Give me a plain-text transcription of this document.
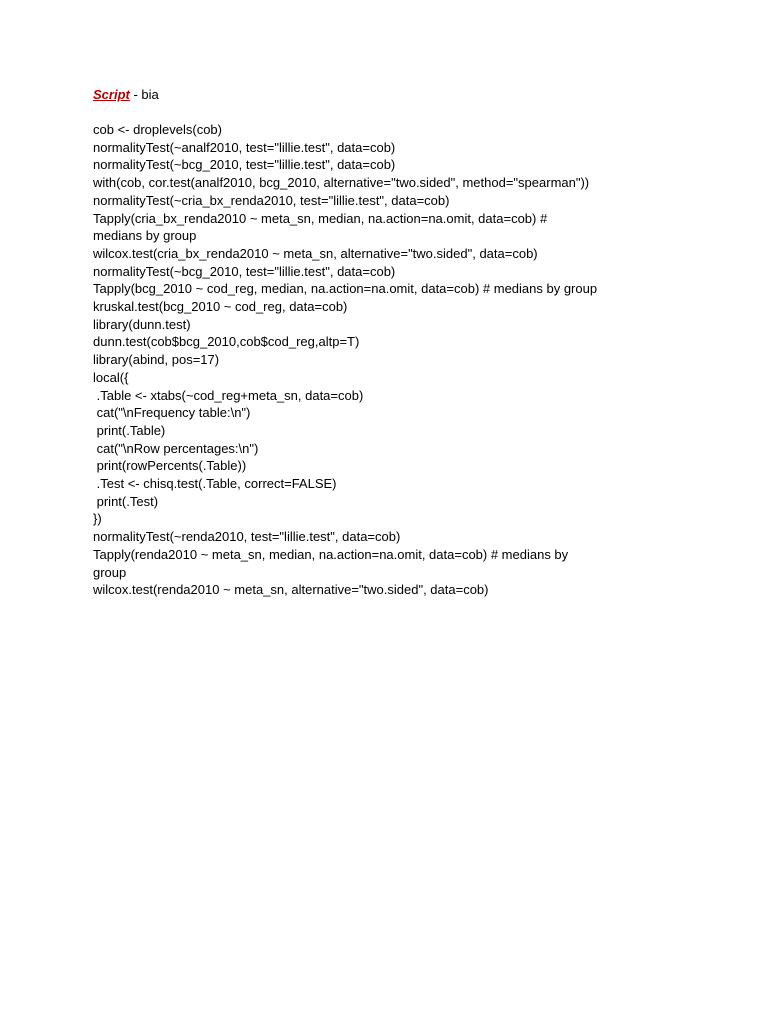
Script - bia
cob <- droplevels(cob)
normalityTest(~analf2010, test="lillie.test", data=cob)
normalityTest(~bcg_2010, test="lillie.test", data=cob)
with(cob, cor.test(analf2010, bcg_2010, alternative="two.sided", method="spearman"))
normalityTest(~cria_bx_renda2010, test="lillie.test", data=cob)
Tapply(cria_bx_renda2010 ~ meta_sn, median, na.action=na.omit, data=cob) #
medians by group
wilcox.test(cria_bx_renda2010 ~ meta_sn, alternative="two.sided", data=cob)
normalityTest(~bcg_2010, test="lillie.test", data=cob)
Tapply(bcg_2010 ~ cod_reg, median, na.action=na.omit, data=cob) # medians by group
kruskal.test(bcg_2010 ~ cod_reg, data=cob)
library(dunn.test)
dunn.test(cob$bcg_2010,cob$cod_reg,altp=T)
library(abind, pos=17)
local({
.Table <- xtabs(~cod_reg+meta_sn, data=cob)
cat("\nFrequency table:\n")
print(.Table)
cat("\nRow percentages:\n")
print(rowPercents(.Table))
.Test <- chisq.test(.Table, correct=FALSE)
print(.Test)
})
normalityTest(~renda2010, test="lillie.test", data=cob)
Tapply(renda2010 ~ meta_sn, median, na.action=na.omit, data=cob) # medians by
group
wilcox.test(renda2010 ~ meta_sn, alternative="two.sided", data=cob)
